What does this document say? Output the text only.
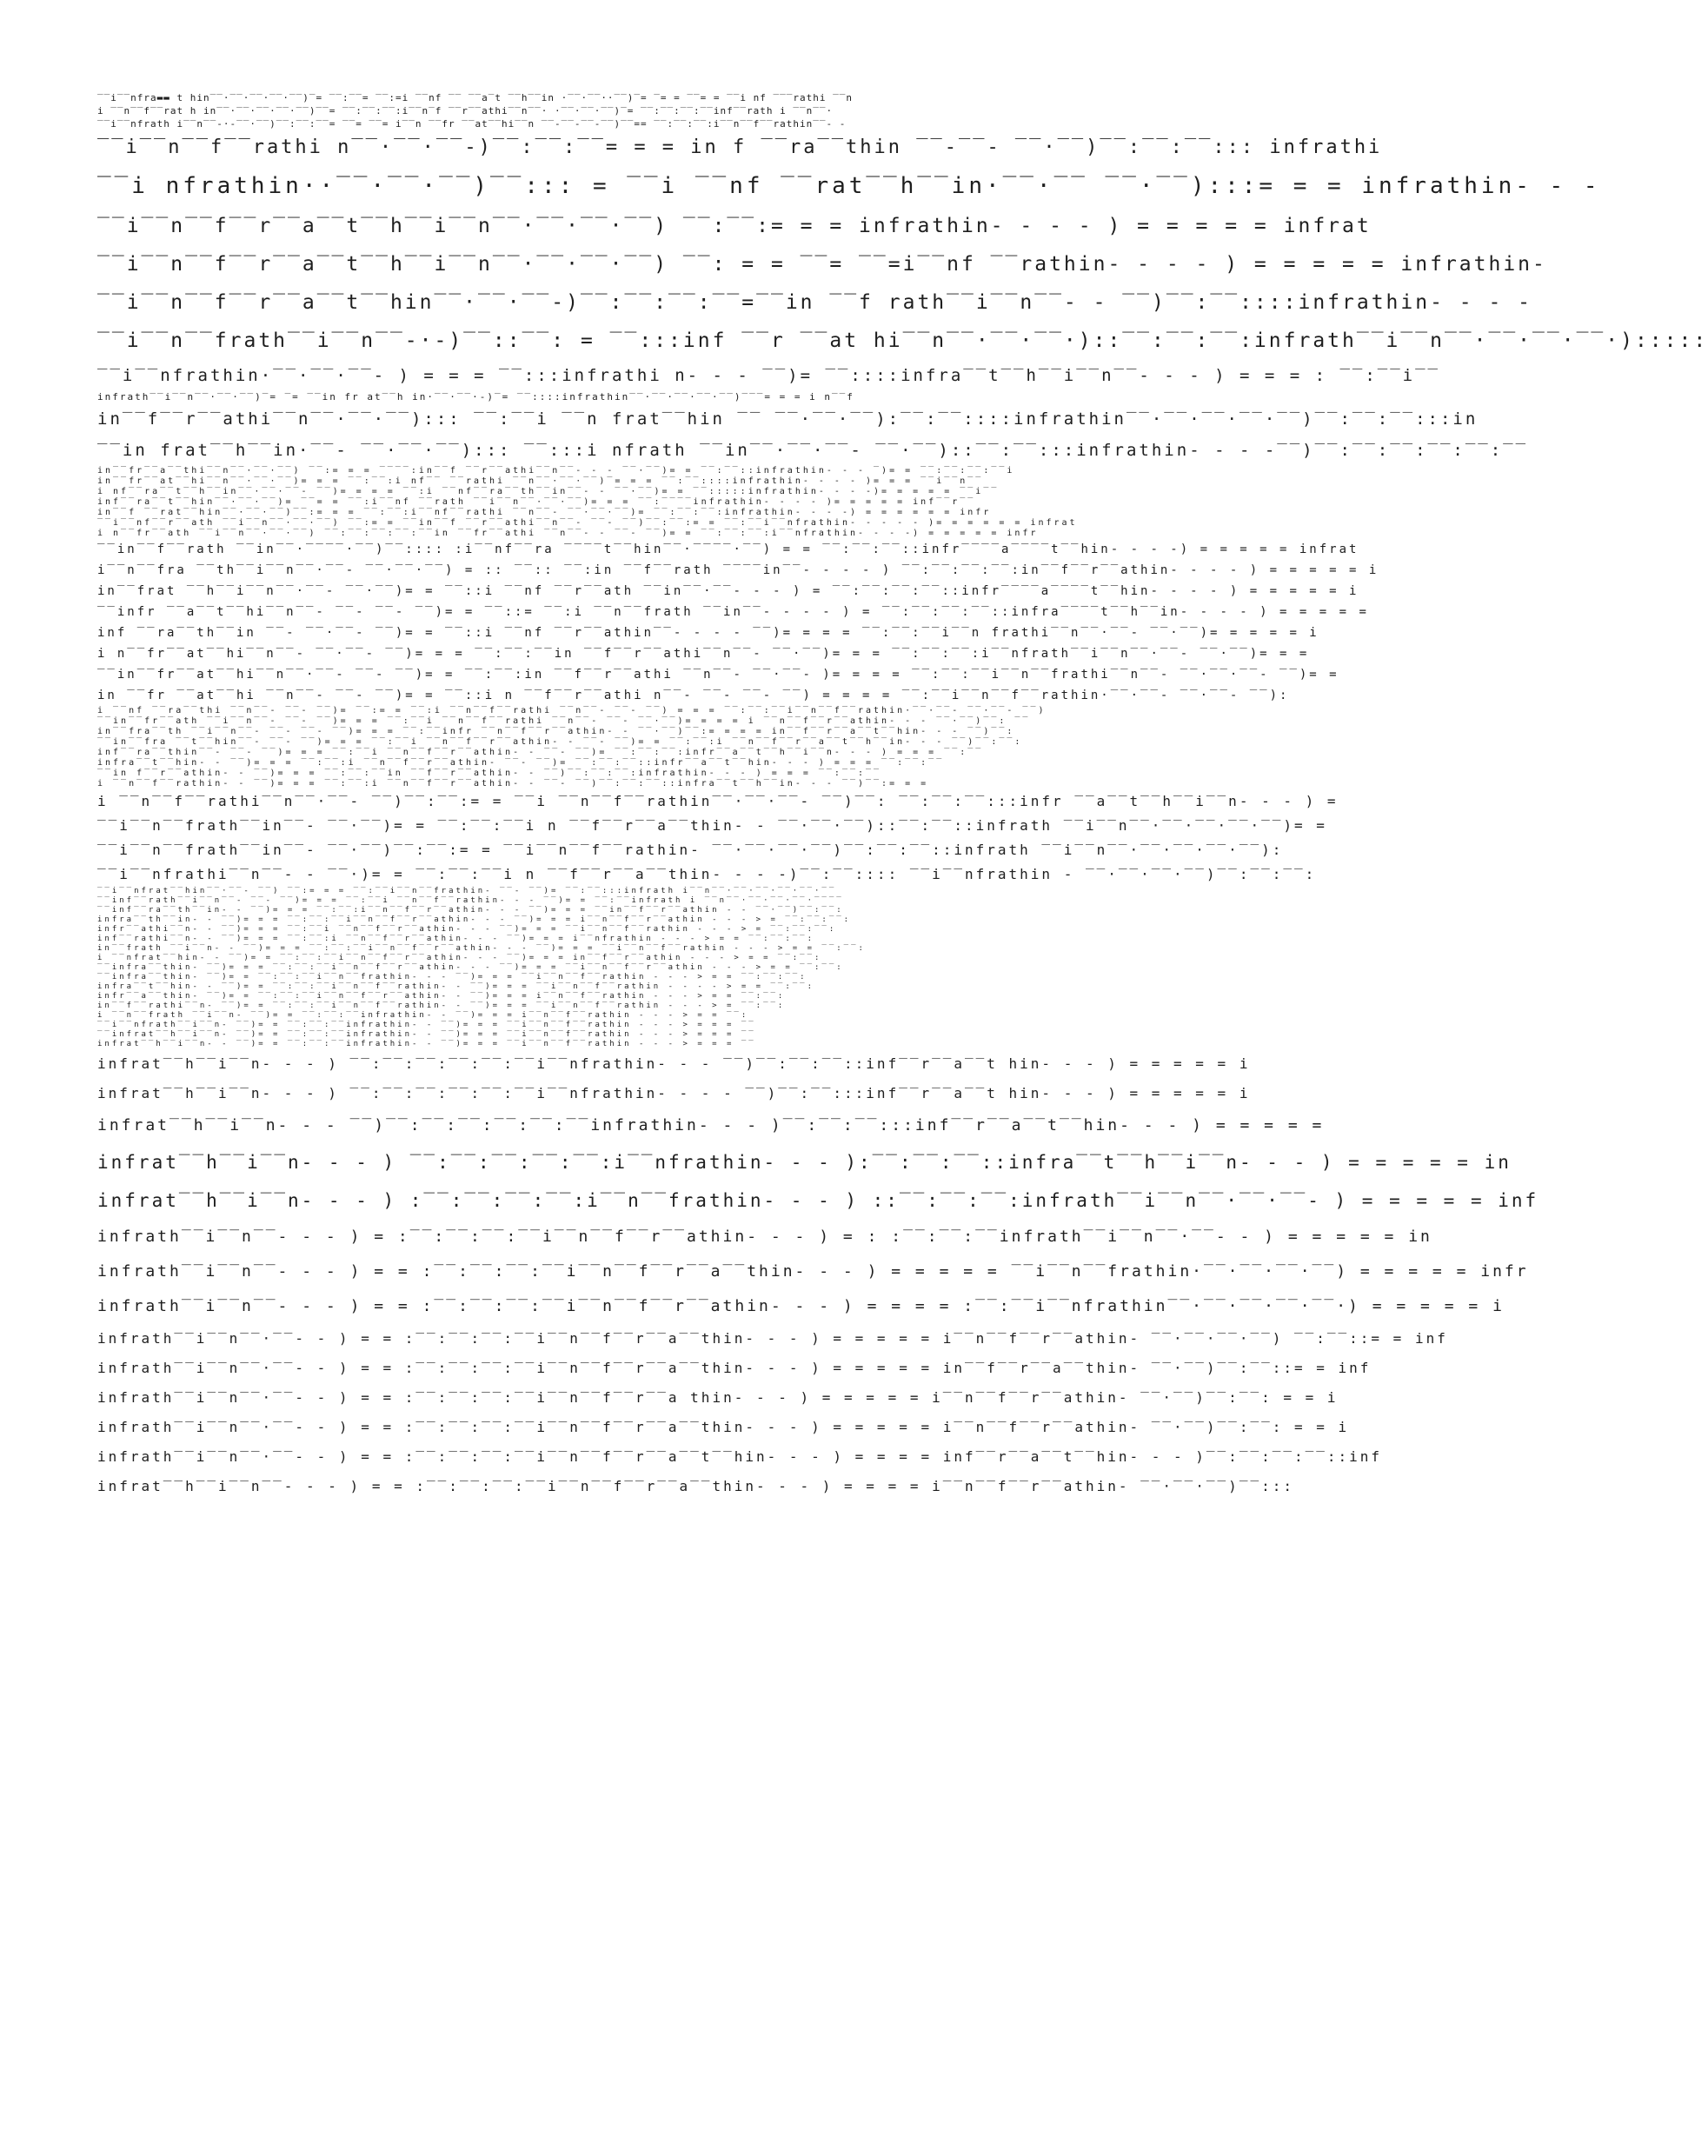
‾‾i‾‾nfra▬▬ t hin‾‾·‾‾·‾‾·‾‾·‾‾)‾= ‾‾:‾‾= ‾‾:=i ‾‾nf ‾‾ ‾‾a‾t ‾‾h‾‾in ·‾‾·‾‾··‾‾)‾= ‾= = ‾‾= = ‾‾i nf ‾‾‾rathi ‾‾n
i ‾‾n‾‾f‾‾rat h in‾‾·‾‾·‾‾·‾‾·‾‾)‾‾= ‾‾:‾‾:‾‾:i‾‾n‾f ‾‾r‾‾athi‾‾n‾‾· ·‾‾·‾‾·‾‾)‾= ‾‾:‾‾:‾‾:‾‾inf‾‾rath i ‾‾n‾‾·
‾‾i‾‾nfrath i‾‾n‾‾-·-‾‾·‾‾)‾‾:‾‾:‾‾= ‾‾= ‾‾= i‾‾n ‾‾fr ‾‾at‾‾hi‾‾n ‾‾-‾‾-‾‾-‾‾)‾‾== ‾‾:‾‾:‾‾:i‾‾n‾‾f‾‾rathin‾‾- -
‾‾i‾‾n‾‾f‾‾rathi n‾‾·‾‾·‾‾-)‾‾:‾‾:‾‾= = = in f ‾‾ra‾‾thin ‾‾-‾‾- ‾‾·‾‾)‾‾:‾‾:‾‾::: infrathi
‾‾i nfrathin··‾‾·‾‾·‾‾)‾‾::: = ‾‾i ‾‾nf ‾‾rat‾‾h‾‾in·‾‾·‾‾ ‾‾·‾‾):::= = = infrathin- - -
‾‾i‾‾n‾‾f‾‾r‾‾a‾‾t‾‾h‾‾i‾‾n‾‾·‾‾·‾‾·‾‾) ‾‾:‾‾:= = = infrathin- - - - ) = = = = = infrat
‾‾i‾‾n‾‾f‾‾r‾‾a‾‾t‾‾h‾‾i‾‾n‾‾·‾‾·‾‾·‾‾) ‾‾: = = ‾‾= ‾‾=i‾‾nf ‾‾rathin- - - - ) = = = = = infrathin-
‾‾i‾‾n‾‾f‾‾r‾‾a‾‾t‾‾hin‾‾·‾‾·‾‾-)‾‾:‾‾:‾‾:‾‾=‾‾in ‾‾f rath‾‾i‾‾n‾‾- - ‾‾)‾‾:‾‾::::infrathin- - - -
‾‾i‾‾n‾‾frath‾‾i‾‾n‾‾-·-)‾‾::‾‾: = ‾‾:::inf ‾‾r ‾‾at hi‾‾n‾‾·‾‾·‾‾·)::‾‾:‾‾:‾‾:infrath‾‾i‾‾n‾‾·‾‾·‾‾·‾‾·):::::
‾‾i‾‾nfrathin·‾‾·‾‾·‾‾- ) = = = ‾‾:::infrathi n- - - ‾‾)= ‾‾::::infra‾‾t‾‾h‾‾i‾‾n‾‾- - - ) = = = : ‾‾:‾‾i‾‾
infrath‾‾i‾‾n‾‾·‾‾·‾‾)‾= ‾= ‾‾in fr at‾‾h in·‾‾·‾‾·-)‾= ‾‾::::infrathin‾‾·‾‾·‾‾·‾‾·‾‾)‾‾‾= = = i n‾‾f
in‾‾f‾‾r‾‾athi‾‾n‾‾·‾‾·‾‾)::: ‾‾:‾‾i ‾‾n frat‾‾hin ‾‾ ‾‾·‾‾·‾‾):‾‾:‾‾::::infrathin‾‾·‾‾·‾‾·‾‾·‾‾)‾‾:‾‾:‾‾:::in
‾‾in frat‾‾h‾‾in·‾‾- ‾‾·‾‾·‾‾)::: ‾‾:::i nfrath ‾‾in‾‾·‾‾·‾‾- ‾‾·‾‾)::‾‾:‾‾:::infrathin- - - -‾‾)‾‾:‾‾:‾‾:‾‾:‾‾:‾‾
in‾‾fr‾‾a‾‾thi‾‾n‾‾·‾‾·‾‾) ‾‾:= = = ‾‾‾‾:in‾‾f ‾‾r‾‾athi‾‾n‾‾- - - ‾‾·‾‾)= = ‾‾:‾‾::infrathin- - - ‾)= = ‾‾:‾‾:‾‾:‾‾i
in‾‾fr‾‾at‾‾hi‾‾n‾‾·‾‾·‾‾)= = = ‾‾:‾‾:i nf‾‾ ‾‾rathi ‾‾n‾‾·‾‾·‾‾)‾= = = ‾‾:‾‾::::infrathin- - - - )= = = ‾‾i‾‾n‾‾
i nf‾‾ra‾‾t‾‾h‾‾in‾‾·‾‾·‾‾- ‾‾)= = = = ‾‾:i ‾‾nf‾‾ra‾‾th‾‾in‾‾- - ‾‾·‾‾)= = ‾‾:::::infrathin- - - -)= = = = = ‾‾i‾‾
inf‾‾ra‾‾t‾‾hin‾‾·‾‾·‾‾)= ‾‾= = ‾‾:i‾‾nf ‾‾rath ‾‾i‾‾n‾‾·‾‾·‾‾)= = = ‾‾:‾‾‾‾infrathin- - - - )= = = = = inf‾‾r‾‾
in‾‾f ‾‾rat‾‾hin‾‾·‾‾·‾‾)‾‾:= = = ‾‾:‾‾:i‾‾nf‾‾rathi ‾‾n‾‾- ‾‾·‾‾·‾‾)= ‾‾:‾‾:‾‾:infrathin- - - -) = = = = = = infr
‾‾i‾‾nf‾‾r‾‾ath ‾‾i‾‾n‾‾·‾‾·‾‾) ‾‾:= = ‾‾in‾‾f ‾‾r‾‾athi‾‾n‾‾- ‾‾- ‾‾)‾‾:‾‾:= = ‾‾:‾‾i‾‾nfrathin- - - - - )= = = = = = infrat
i n‾‾fr‾‾ath ‾‾i‾‾n‾‾·‾‾·‾‾) ‾‾:‾‾:‾‾:‾‾:‾‾in ‾‾fr‾‾athi ‾‾n‾‾- - ‾‾- ‾‾)= = ‾‾:‾‾:‾‾:i‾‾nfrathin- - - -) = = = = = infr
‾‾in‾‾f‾‾rath ‾‾in‾‾·‾‾‾‾·‾‾)‾‾:::: :i‾‾nf‾‾ra ‾‾‾‾t‾‾hin‾‾·‾‾‾‾·‾‾) = = ‾‾:‾‾:‾‾::infr‾‾‾‾a‾‾‾‾t‾‾hin- - - -) = = = = = infrat
i‾‾n‾‾fra ‾‾th‾‾i‾‾n‾‾·‾‾- ‾‾·‾‾·‾‾) = :: ‾‾:: ‾‾:in ‾‾f‾‾rath ‾‾‾‾in‾‾- - - - ) ‾‾:‾‾:‾‾:‾‾:in‾‾f‾‾r‾‾athin- - - - ) = = = = = i
in‾‾frat ‾‾h‾‾i‾‾n‾‾·‾‾- ‾‾·‾‾)= = ‾‾::i ‾‾nf ‾‾r‾‾ath ‾‾in‾‾·‾‾- - - ) = ‾‾:‾‾:‾‾:‾‾::infr‾‾‾‾a‾‾‾‾t‾‾hin- - - - ) = = = = = i
‾‾infr ‾‾a‾‾t‾‾hi‾‾n‾‾- ‾‾- ‾‾- ‾‾)= = ‾‾::= ‾‾:i ‾‾n‾‾frath ‾‾in‾‾- - - - ) = ‾‾:‾‾:‾‾:‾‾::infra‾‾‾‾t‾‾h‾‾in- - - - ) = = = = =
inf ‾‾ra‾‾th‾‾in ‾‾- ‾‾·‾‾- ‾‾)= = ‾‾::i ‾‾nf ‾‾r‾‾athin‾‾- - - - ‾‾)= = = = ‾‾:‾‾:‾‾i‾‾n frathi‾‾n‾‾·‾‾- ‾‾·‾‾)= = = = = i
i n‾‾fr‾‾at‾‾hi‾‾n‾‾- ‾‾·‾‾- ‾‾)= = = ‾‾:‾‾:‾‾in ‾‾f‾‾r‾‾athi‾‾n‾‾- ‾‾·‾‾)= = = ‾‾:‾‾:‾‾:i‾‾nfrath‾‾i‾‾n‾‾·‾‾- ‾‾·‾‾)= = =
‾‾in‾‾fr‾‾at‾‾hi‾‾n‾‾·‾‾- ‾‾- ‾‾)= = ‾‾:‾‾:in ‾‾f‾‾r‾‾athi ‾‾n‾‾- ‾‾·‾‾- )= = = = ‾‾:‾‾:‾‾i‾‾n‾‾frathi‾‾n‾‾- ‾‾·‾‾·‾‾- ‾‾)= =
in ‾‾fr ‾‾at‾‾hi ‾‾n‾‾- ‾‾- ‾‾)= = ‾‾::i n ‾‾f‾‾r‾‾athi n‾‾- ‾‾- ‾‾- ‾‾) = = = = ‾‾:‾‾i‾‾n‾‾f‾‾rathin·‾‾·‾‾- ‾‾·‾‾- ‾‾):
i ‾‾nf ‾‾ra‾‾thi ‾‾n‾‾- ‾‾- ‾‾)= ‾‾:= = ‾‾:i ‾‾n‾‾f‾‾rathi ‾‾n‾‾- ‾‾- ‾‾) = = = ‾‾:‾‾:‾‾i‾‾n‾‾f‾‾rathin·‾‾·‾‾- ‾‾·‾‾- ‾‾)
‾‾in‾‾fr‾‾ath ‾‾i‾‾n‾‾- ‾‾- ‾‾)= = = ‾‾:‾‾i ‾‾n‾‾f‾‾rathi ‾‾n‾‾- ‾‾- ‾‾·‾‾)= = = = i ‾‾n‾‾f‾‾r‾‾athin- - - ‾‾·‾‾)‾‾: ‾‾
in‾‾fra‾‾th ‾‾i‾‾n‾‾- ‾‾- ‾‾- ‾‾)= = = ‾‾:‾‾infr ‾‾n‾‾f‾‾r‾‾athin- - ‾‾·‾‾)‾‾:= = = = in‾‾f‾‾r‾‾a‾‾t‾‾hin- - - ‾‾)‾‾:
‾‾in‾‾fra ‾‾t‾‾hin‾‾- ‾‾- ‾‾)= = = ‾‾:‾‾i ‾‾n‾‾f‾‾r‾‾athin- - ‾‾- ‾‾)= = ‾‾:‾‾:i ‾‾n‾‾f‾‾r‾‾a‾‾t‾‾h‾‾in- - - ‾‾)‾‾:‾‾:
inf‾‾ra‾‾thin‾‾- ‾‾- ‾‾)= = = ‾‾:‾‾i ‾‾n‾‾f‾‾r‾‾athin- - ‾‾- ‾‾)= ‾‾:‾‾:‾‾:infr‾‾a‾‾t‾‾h‾‾i‾‾n- - - ) = = = ‾‾:‾‾
infra‾‾t‾‾hin- - ‾‾)= = = ‾‾:‾‾:i ‾‾n‾‾f‾‾r‾‾athin- ‾‾- ‾‾)= ‾‾:‾‾:‾‾::infr‾‾a‾‾t‾‾hin- - - ) = = = ‾‾:‾‾:‾‾
‾‾in f‾‾r‾‾athin- - ‾‾)= = = ‾‾:‾‾:‾‾in ‾‾f‾‾r‾‾athin- - ‾‾)‾‾:‾‾:‾‾:infrathin- - - ) = = = ‾‾:‾‾:‾‾
i ‾‾n‾‾f‾‾rathin- - ‾‾)= = = ‾‾:‾‾:i ‾‾n‾‾f‾‾r‾‾athin- - ‾‾- ‾‾)‾‾:‾‾:‾‾::infra‾‾t‾‾h‾‾in- - - ‾‾)‾‾:= = =
i ‾‾n‾‾f‾‾rathi‾‾n‾‾·‾‾- ‾‾)‾‾:‾‾:= = ‾‾i ‾‾n‾‾f‾‾rathin‾‾·‾‾·‾‾- ‾‾)‾‾: ‾‾:‾‾:‾‾:::infr ‾‾a‾‾t‾‾h‾‾i‾‾n- - - ) =
‾‾i‾‾n‾‾frath‾‾in‾‾- ‾‾·‾‾)= = ‾‾:‾‾:‾‾i n ‾‾f‾‾r‾‾a‾‾thin- - ‾‾·‾‾·‾‾)::‾‾:‾‾::infrath ‾‾i‾‾n‾‾·‾‾·‾‾·‾‾·‾‾)= =
‾‾i‾‾n‾‾frath‾‾in‾‾- ‾‾·‾‾)‾‾:‾‾:= = ‾‾i‾‾n‾‾f‾‾rathin- ‾‾·‾‾·‾‾·‾‾)‾‾:‾‾:‾‾::infrath ‾‾i‾‾n‾‾·‾‾·‾‾·‾‾·‾‾):
‾‾i‾‾nfrathi‾‾n‾‾- - ‾‾·)= = ‾‾:‾‾:‾‾i n ‾‾f‾‾r‾‾a‾‾thin- - - -)‾‾:‾‾:::: ‾‾i‾‾nfrathin - ‾‾·‾‾·‾‾·‾‾)‾‾:‾‾:‾‾:
‾‾i‾‾nfrat‾‾hin‾‾·‾‾- ‾‾) ‾‾:= = = ‾‾:‾‾i‾‾n‾‾frathin- ‾‾- ‾‾)= ‾‾:‾‾:::infrath i‾‾n‾‾·‾‾·‾‾·‾‾·‾‾·‾‾
‾‾inf‾‾rath‾‾i‾‾n‾‾- ‾‾- ‾‾)= = = ‾‾:‾‾i ‾‾n‾‾f‾‾rathin- - - ‾‾)= = ‾‾:‾‾infrath i ‾‾n‾‾·‾‾·‾‾·‾‾·‾‾‾‾
‾‾inf‾‾ra‾‾th‾‾in- - ‾‾)= = = ‾‾:‾‾:i‾‾n‾‾f‾‾r‾‾athin- - - ‾‾)= = = ‾‾in‾‾f‾‾r‾‾athin - - ‾‾·‾‾)‾‾:‾‾:
infra‾‾th‾‾in- - ‾‾)= = = ‾‾:‾‾:‾‾i‾‾n‾‾f‾‾r‾‾athin- - - ‾‾)= = = i‾‾n‾‾f‾‾r‾‾athin - - - > = ‾‾:‾‾:‾‾:
infr‾‾athi‾‾n- - ‾‾)= = = ‾‾:‾‾i ‾‾n‾‾f‾‾r‾‾athin- - - ‾‾)= = = ‾‾i‾‾n‾‾f‾‾rathin - - - > = ‾‾:‾‾:‾‾:
inf‾‾rathi‾‾n- - ‾‾)= = = ‾‾:‾‾:i ‾‾n‾‾f‾‾r‾‾athin- - - ‾‾)= = = i‾‾nfrathin - - - > = = ‾‾:‾‾:‾‾:
in‾‾frath ‾‾i‾‾n- - ‾‾)= = = ‾‾:‾‾:‾‾i‾‾n‾‾f‾‾r‾‾athin- - - ‾‾)= = = ‾‾i‾‾n‾‾f‾‾rathin - - - > = = ‾‾:‾‾:
i ‾‾nfrat‾‾hin- - ‾‾)= = ‾‾:‾‾:‾‾i‾‾n‾‾f‾‾r‾‾athin- - - ‾‾)= = = in‾‾f‾‾r‾‾athin - - - > = = ‾‾:‾‾:
‾‾infra‾‾thin- ‾‾)= = = ‾‾:‾‾:‾‾i‾‾n‾‾f‾‾r‾‾athin- - - ‾‾)= = = ‾‾i‾‾n‾‾f‾‾r‾‾athin - - - > = = ‾‾:‾‾:
‾‾infra‾‾thin- ‾‾)= = ‾‾:‾‾:‾‾i‾‾n‾‾frathin- - - ‾‾)= = = ‾‾i‾‾n‾‾f‾‾rathin - - - > = = ‾‾:‾‾:‾‾:
infra‾‾t‾‾hin- - ‾‾)= = ‾‾:‾‾:‾‾i‾‾n‾‾f‾‾rathin- - ‾‾)= = = ‾‾i‾‾n‾‾f‾‾rathin - - - - > = = ‾‾:‾‾:
infr‾‾a‾‾thin- ‾‾)= = ‾‾:‾‾:‾‾i‾‾n‾‾f‾‾r‾‾athin- - ‾‾)= = = i‾‾n‾‾f‾‾rathin - - - > = = ‾‾:‾‾:
in‾‾f‾‾rathi‾‾n- ‾‾)= = ‾‾:‾‾:‾‾i‾‾n‾‾f‾‾rathin- - ‾‾)= = = ‾‾i‾‾n‾‾f‾‾rathin - - - > = ‾‾:‾‾:
i ‾‾n‾‾frath ‾‾i‾‾n- ‾‾)= = ‾‾:‾‾:‾‾infrathin- - ‾‾)= = = i‾‾n‾‾f‾‾rathin - - - > = = ‾‾:
‾‾i‾‾nfrath‾‾i‾‾n- ‾‾)= = ‾‾:‾‾:‾‾infrathin- - ‾‾)= = = ‾‾i‾‾n‾‾f‾‾rathin - - - > = = = ‾‾
‾‾infrat‾‾h‾‾i‾‾n- ‾‾)= = ‾‾:‾‾:‾‾infrathin- - ‾‾)= = = ‾‾i‾‾n‾‾f‾‾rathin - - - > = = = ‾‾
infrat‾‾h‾‾i‾‾n- - ‾‾)= = ‾‾:‾‾:‾‾infrathin- - ‾‾)= = = ‾‾i‾‾n‾‾f‾‾rathin - - - > = = = ‾‾
infrat‾‾h‾‾i‾‾n- - - ) ‾‾:‾‾:‾‾:‾‾:‾‾:‾‾i‾‾nfrathin- - - ‾‾)‾‾:‾‾:‾‾::inf‾‾r‾‾a‾‾t hin- - - ) = = = = = i
infrat‾‾h‾‾i‾‾n- - - ) ‾‾:‾‾:‾‾:‾‾:‾‾:‾‾i‾‾nfrathin- - - - ‾‾)‾‾:‾‾:::inf‾‾r‾‾a‾‾t hin- - - ) = = = = = i
infrat‾‾h‾‾i‾‾n- - - ‾‾)‾‾:‾‾:‾‾:‾‾:‾‾:‾‾infrathin- - - )‾‾:‾‾:‾‾:::inf‾‾r‾‾a‾‾t‾‾hin- - - ) = = = = =
infrat‾‾h‾‾i‾‾n- - - ) ‾‾:‾‾:‾‾:‾‾:‾‾:i‾‾nfrathin- - - ):‾‾:‾‾:‾‾::infra‾‾t‾‾h‾‾i‾‾n- - - ) = = = = = in
infrat‾‾h‾‾i‾‾n- - - ) :‾‾:‾‾:‾‾:‾‾:i‾‾n‾‾frathin- - - ) ::‾‾:‾‾:‾‾:infrath‾‾i‾‾n‾‾·‾‾·‾‾- ) = = = = = inf
infrath‾‾i‾‾n‾‾- - - ) = :‾‾:‾‾:‾‾:‾‾i‾‾n‾‾f‾‾r‾‾athin- - - ) = : :‾‾:‾‾:‾‾infrath‾‾i‾‾n‾‾·‾‾- - ) = = = = = in
infrath‾‾i‾‾n‾‾- - - ) = = :‾‾:‾‾:‾‾:‾‾i‾‾n‾‾f‾‾r‾‾a‾‾thin- - - ) = = = = = ‾‾i‾‾n‾‾frathin·‾‾·‾‾·‾‾·‾‾) = = = = = infr
infrath‾‾i‾‾n‾‾- - - ) = = :‾‾:‾‾:‾‾:‾‾i‾‾n‾‾f‾‾r‾‾athin- - - ) = = = = :‾‾:‾‾i‾‾nfrathin‾‾·‾‾·‾‾·‾‾·‾‾·) = = = = = i
infrath‾‾i‾‾n‾‾·‾‾- - ) = = :‾‾:‾‾:‾‾:‾‾i‾‾n‾‾f‾‾r‾‾a‾‾thin- - - ) = = = = = i‾‾n‾‾f‾‾r‾‾athin- ‾‾·‾‾·‾‾·‾‾) ‾‾:‾‾::= = inf
infrath‾‾i‾‾n‾‾·‾‾- - ) = = :‾‾:‾‾:‾‾:‾‾i‾‾n‾‾f‾‾r‾‾a‾‾thin- - - ) = = = = = in‾‾f‾‾r‾‾a‾‾thin- ‾‾·‾‾)‾‾:‾‾::= = inf
infrath‾‾i‾‾n‾‾·‾‾- - ) = = :‾‾:‾‾:‾‾:‾‾i‾‾n‾‾f‾‾r‾‾a thin- - - ) = = = = = i‾‾n‾‾f‾‾r‾‾athin- ‾‾·‾‾)‾‾:‾‾: = = i
infrath‾‾i‾‾n‾‾·‾‾- - ) = = :‾‾:‾‾:‾‾:‾‾i‾‾n‾‾f‾‾r‾‾a‾‾thin- - - ) = = = = = i‾‾n‾‾f‾‾r‾‾athin- ‾‾·‾‾)‾‾:‾‾: = = i
infrath‾‾i‾‾n‾‾·‾‾- - ) = = :‾‾:‾‾:‾‾:‾‾i‾‾n‾‾f‾‾r‾‾a‾‾t‾‾hin- - - ) = = = = inf‾‾r‾‾a‾‾t‾‾hin- - - )‾‾:‾‾:‾‾:‾‾::inf
infrat‾‾h‾‾i‾‾n‾‾- - - ) = = :‾‾:‾‾:‾‾:‾‾i‾‾n‾‾f‾‾r‾‾a‾‾thin- - - ) = = = = i‾‾n‾‾f‾‾r‾‾athin- ‾‾·‾‾·‾‾)‾‾:::
